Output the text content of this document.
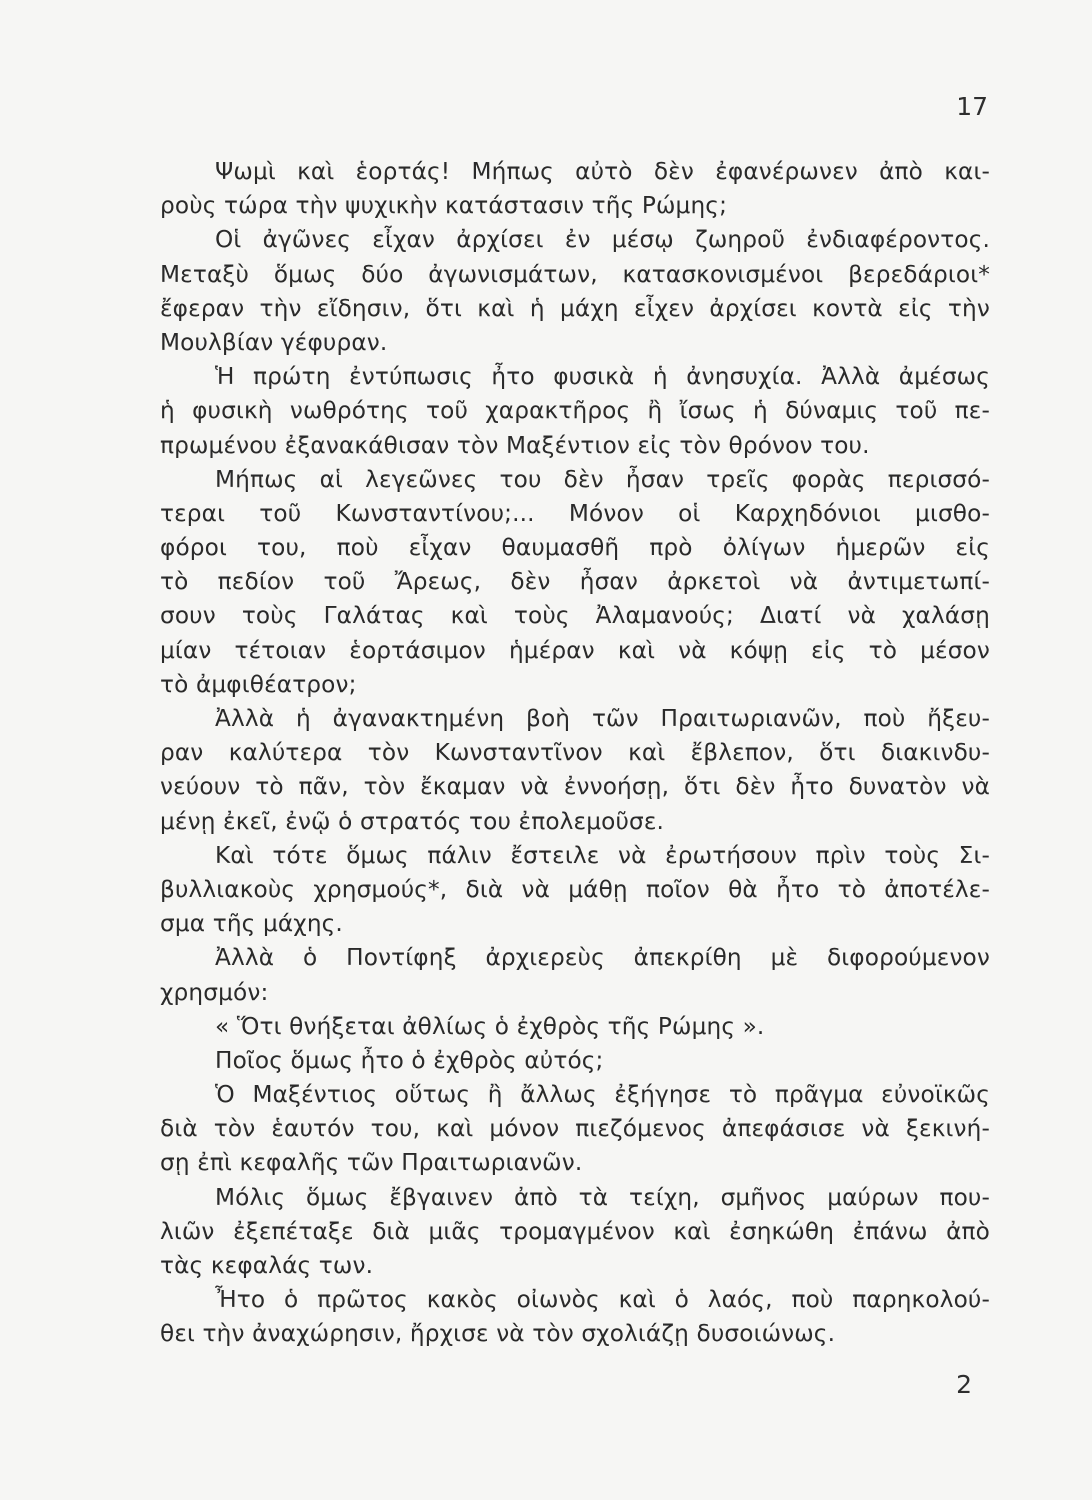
17
Ψωμὶ καὶ ἑορτάς! Μήπως αὐτὸ δὲν ἐφανέρωνεν ἀπὸ και-
ροὺς τώρα τὴν ψυχικὴν κατάστασιν τῆς Ρώμης;
Οἱ ἀγῶνες εἶχαν ἀρχίσει ἐν μέσῳ ζωηροῦ ἐνδιαφέροντος.
Μεταξὺ ὅμως δύο ἀγωνισμάτων, κατασκονισμένοι βερεδάριοι*
ἔφεραν τὴν εἴδησιν, ὅτι καὶ ἡ μάχη εἶχεν ἀρχίσει κοντὰ εἰς τὴν
Μουλβίαν γέφυραν.
Ἡ πρώτη ἐντύπωσις ἦτο φυσικὰ ἡ ἀνησυχία. Ἀλλὰ ἀμέσως
ἡ φυσικὴ νωθρότης τοῦ χαρακτῆρος ἢ ἴσως ἡ δύναμις τοῦ πε-
πρωμένου ἐξανακάθισαν τὸν Μαξέντιον εἰς τὸν θρόνον του.
Μήπως αἱ λεγεῶνες του δὲν ἦσαν τρεῖς φορὰς περισσό-
τεραι τοῦ Κωνσταντίνου;... Μόνον οἱ Καρχηδόνιοι μισθο-
φόροι του, ποὺ εἶχαν θαυμασθῆ πρὸ ὀλίγων ἡμερῶν εἰς
τὸ πεδίον τοῦ Ἄρεως, δὲν ἦσαν ἀρκετοὶ νὰ ἀντιμετωπί-
σουν τοὺς Γαλάτας καὶ τοὺς Ἀλαμανούς; Διατί νὰ χαλάσῃ
μίαν τέτοιαν ἑορτάσιμον ἡμέραν καὶ νὰ κόψῃ εἰς τὸ μέσον
τὸ ἀμφιθέατρον;
Ἀλλὰ ἡ ἀγανακτημένη βοὴ τῶν Πραιτωριανῶν, ποὺ ἤξευ-
ραν καλύτερα τὸν Κωνσταντῖνον καὶ ἔβλεπον, ὅτι διακινδυ-
νεύουν τὸ πᾶν, τὸν ἔκαμαν νὰ ἐννοήσῃ, ὅτι δὲν ἦτο δυνατὸν νὰ
μένῃ ἐκεῖ, ἐνῷ ὁ στρατός του ἐπολεμοῦσε.
Καὶ τότε ὅμως πάλιν ἔστειλε νὰ ἐρωτήσουν πρὶν τοὺς Σι-
βυλλιακοὺς χρησμούς*, διὰ νὰ μάθῃ ποῖον θὰ ἦτο τὸ ἀποτέλε-
σμα τῆς μάχης.
Ἀλλὰ ὁ Ποντίφηξ ἀρχιερεὺς ἀπεκρίθη μὲ διφορούμενον
χρησμόν:
« Ὅτι θνήξεται ἀθλίως ὁ ἐχθρὸς τῆς Ρώμης ».
Ποῖος ὅμως ἦτο ὁ ἐχθρὸς αὐτός;
Ὁ Μαξέντιος οὕτως ἢ ἄλλως ἐξήγησε τὸ πρᾶγμα εὐνοϊκῶς
διὰ τὸν ἑαυτόν του, καὶ μόνον πιεζόμενος ἀπεφάσισε νὰ ξεκινή-
σῃ ἐπὶ κεφαλῆς τῶν Πραιτωριανῶν.
Μόλις ὅμως ἔβγαινεν ἀπὸ τὰ τείχη, σμῆνος μαύρων που-
λιῶν ἐξεπέταξε διὰ μιᾶς τρομαγμένον καὶ ἐσηκώθη ἐπάνω ἀπὸ
τὰς κεφαλάς των.
Ἦτο ὁ πρῶτος κακὸς οἰωνὸς καὶ ὁ λαός, ποὺ παρηκολού-
θει τὴν ἀναχώρησιν, ἤρχισε νὰ τὸν σχολιάζῃ δυσοιώνως.
2
